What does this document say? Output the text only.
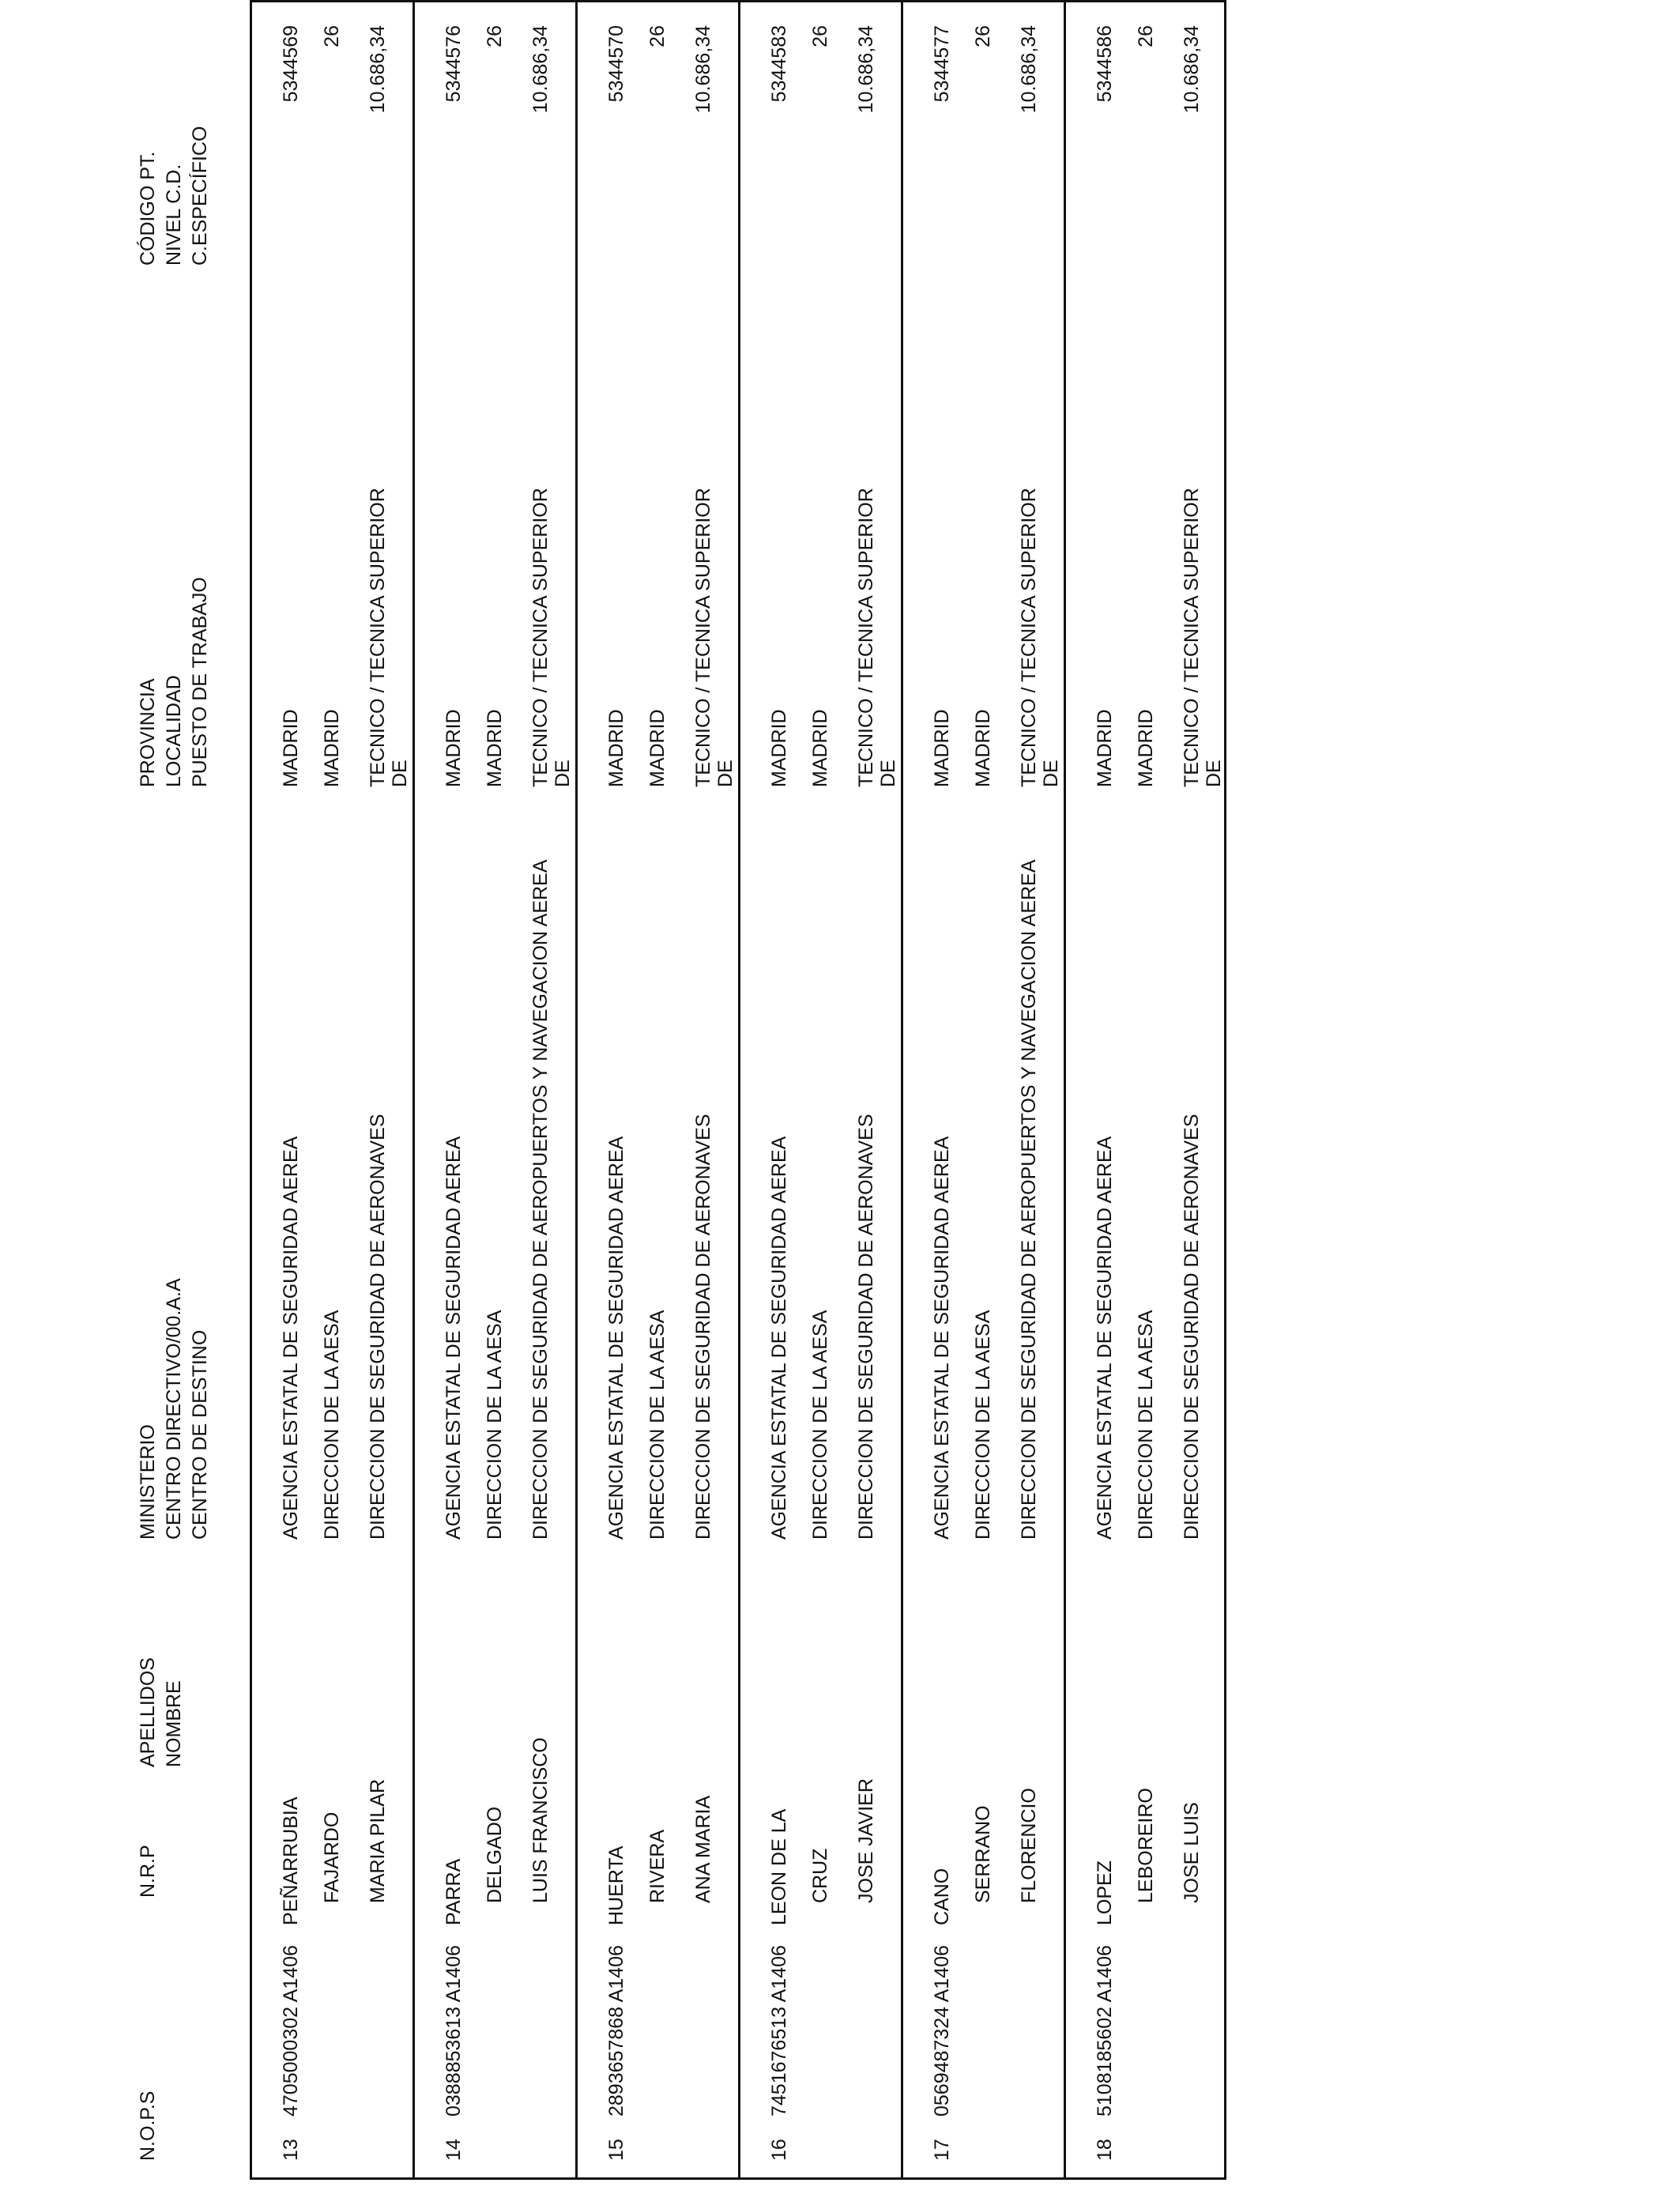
N.O.P.S
N.R.P
APELLIDOS NOMBRE
MINISTERIO CENTRO DIRECTIVO/00.A.A CENTRO DE DESTINO
PROVINCIA LOCALIDAD PUESTO DE TRABAJO
CÓDIGO PT. NIVEL C.D. C.ESPECÍFICO
13
4705000302 A1406
PEÑARRUBIA FAJARDO MARIA PILAR
AGENCIA ESTATAL DE SEGURIDAD AEREA DIRECCION DE LA AESA DIRECCION DE SEGURIDAD DE AERONAVES
MADRID MADRID TECNICO / TECNICA SUPERIOR DE
5344569 26 10.686,34
14
0388853613 A1406
PARRA DELGADO LUIS FRANCISCO
AGENCIA ESTATAL DE SEGURIDAD AEREA DIRECCION DE LA AESA DIRECCION DE SEGURIDAD DE AEROPUERTOS Y NAVEGACION AEREA
MADRID MADRID TECNICO / TECNICA SUPERIOR DE
5344576 26 10.686,34
15
2893657868 A1406
HUERTA RIVERA ANA MARIA
AGENCIA ESTATAL DE SEGURIDAD AEREA DIRECCION DE LA AESA DIRECCION DE SEGURIDAD DE AERONAVES
MADRID MADRID TECNICO / TECNICA SUPERIOR DE
5344570 26 10.686,34
16
7451676513 A1406
LEON DE LA CRUZ JOSE JAVIER
AGENCIA ESTATAL DE SEGURIDAD AEREA DIRECCION DE LA AESA DIRECCION DE SEGURIDAD DE AERONAVES
MADRID MADRID TECNICO / TECNICA SUPERIOR DE
5344583 26 10.686,34
17
0569487324 A1406
CANO SERRANO FLORENCIO
AGENCIA ESTATAL DE SEGURIDAD AEREA DIRECCION DE LA AESA DIRECCION DE SEGURIDAD DE AEROPUERTOS Y NAVEGACION AEREA
MADRID MADRID TECNICO / TECNICA SUPERIOR DE
5344577 26 10.686,34
18
5108185602 A1406
LOPEZ LEBOREIRO JOSE LUIS
AGENCIA ESTATAL DE SEGURIDAD AEREA DIRECCION DE LA AESA DIRECCION DE SEGURIDAD DE AERONAVES
MADRID MADRID TECNICO / TECNICA SUPERIOR DE
5344586 26 10.686,34
